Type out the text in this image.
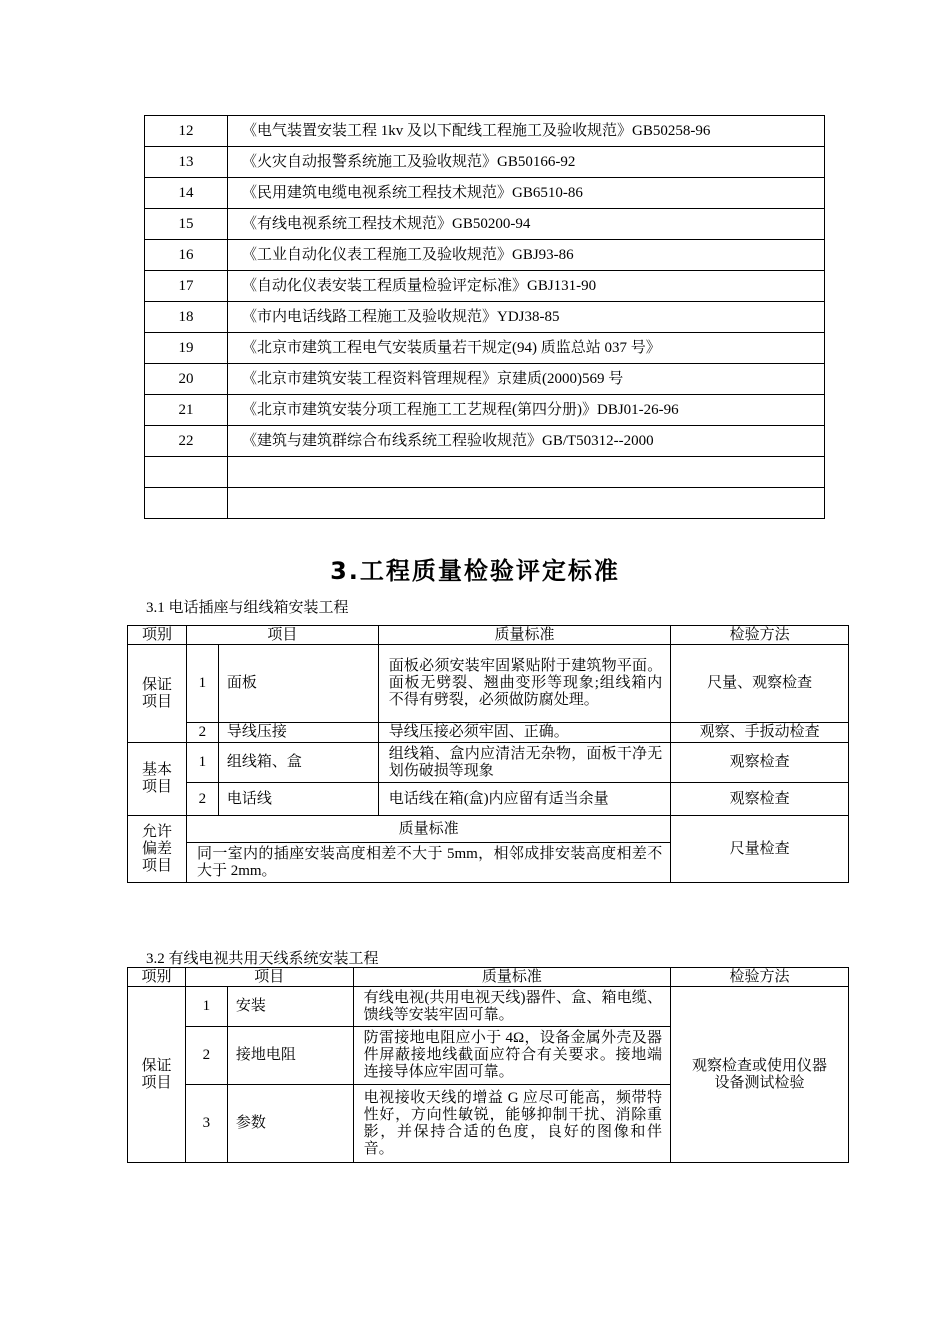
12	《电气装置安装工程 1kv 及以下配线工程施工及验收规范》GB50258-96
13	《火灾自动报警系统施工及验收规范》GB50166-92
14	《民用建筑电缆电视系统工程技术规范》GB6510-86
15	《有线电视系统工程技术规范》GB50200-94
16	《工业自动化仪表工程施工及验收规范》GBJ93-86
17	《自动化仪表安装工程质量检验评定标准》GBJ131-90
18	《市内电话线路工程施工及验收规范》YDJ38-85
19	《北京市建筑工程电气安装质量若干规定(94) 质监总站 037 号》
20	《北京市建筑安装工程资料管理规程》京建质(2000)569 号
21	《北京市建筑安装分项工程施工工艺规程(第四分册)》DBJ01-26-96
22	《建筑与建筑群综合布线系统工程验收规范》GB/T50312--2000

3.工程质量检验评定标准
3.1 电话插座与组线箱安装工程
项别	项目		质量标准	检验方法

保证项目	1	面板	面板必须安装牢固紧贴附于建筑物平面。面板无劈裂、翘曲变形等现象;组线箱内不得有劈裂，必须做防腐处理。	尺量、观察检查
	2	导线压接	导线压接必须牢固、正确。	观察、手扳动检查

基本项目	1	组线箱、盒	组线箱、盒内应清洁无杂物，面板干净无划伤破损等现象	观察检查
	2	电话线	电话线在箱(盒)内应留有适当余量	观察检查

允许偏差项目	质量标准			尺量检查
	同一室内的插座安装高度相差不大于 5mm，相邻成排安装高度相差不大于 2mm。			
3.2 有线电视共用天线系统安装工程
项别	项目		质量标准	检验方法

保证项目	1	安装	有线电视(共用电视天线)器件、盒、箱电缆、馈线等安装牢固可靠。	观察检查或使用仪器设备测试检验

	2	接地电阻	防雷接地电阻应小于 4Ω，设备金属外壳及器件屏蔽接地线截面应符合有关要求。接地端连接导体应牢固可靠。	
	3	参数	电视接收天线的增益 G 应尽可能高，频带特性好，方向性敏锐，能够抑制干扰、消除重影，并保持合适的色度，良好的图像和伴音。	
